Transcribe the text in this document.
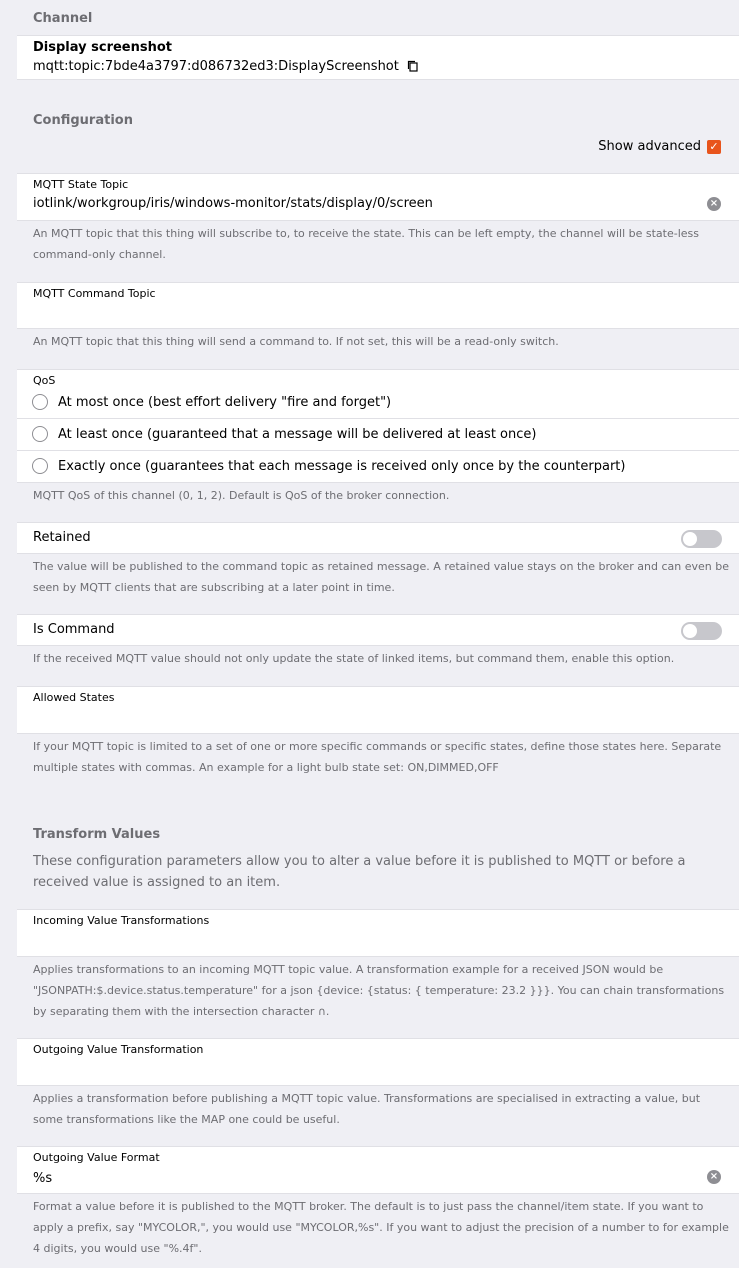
Channel
Display screenshot
mqtt:topic:7bde4a3797:d086732ed3:DisplayScreenshot
Configuration
Show advanced ✓
MQTT State Topic
iotlink/workgroup/iris/windows-monitor/stats/display/0/screen	×
An MQTT topic that this thing will subscribe to, to receive the state. This can be left empty, the channel will be state-less command-only channel.
MQTT Command Topic
An MQTT topic that this thing will send a command to. If not set, this will be a read-only switch.
QoS
At most once (best effort delivery "fire and forget")
At least once (guaranteed that a message will be delivered at least once)
Exactly once (guarantees that each message is received only once by the counterpart)
MQTT QoS of this channel (0, 1, 2). Default is QoS of the broker connection.
Retained
The value will be published to the command topic as retained message. A retained value stays on the broker and can even be seen by MQTT clients that are subscribing at a later point in time.
Is Command
If the received MQTT value should not only update the state of linked items, but command them, enable this option.
Allowed States
If your MQTT topic is limited to a set of one or more specific commands or specific states, define those states here. Separate multiple states with commas. An example for a light bulb state set: ON,DIMMED,OFF
Transform Values
These configuration parameters allow you to alter a value before it is published to MQTT or before a received value is assigned to an item.
Incoming Value Transformations
Applies transformations to an incoming MQTT topic value. A transformation example for a received JSON would be "JSONPATH:$.device.status.temperature" for a json {device: {status: { temperature: 23.2 }}}. You can chain transformations by separating them with the intersection character ∩.
Outgoing Value Transformation
Applies a transformation before publishing a MQTT topic value. Transformations are specialised in extracting a value, but some transformations like the MAP one could be useful.
Outgoing Value Format
%s	×
Format a value before it is published to the MQTT broker. The default is to just pass the channel/item state. If you want to apply a prefix, say "MYCOLOR,", you would use "MYCOLOR,%s". If you want to adjust the precision of a number to for example 4 digits, you would use "%.4f".
